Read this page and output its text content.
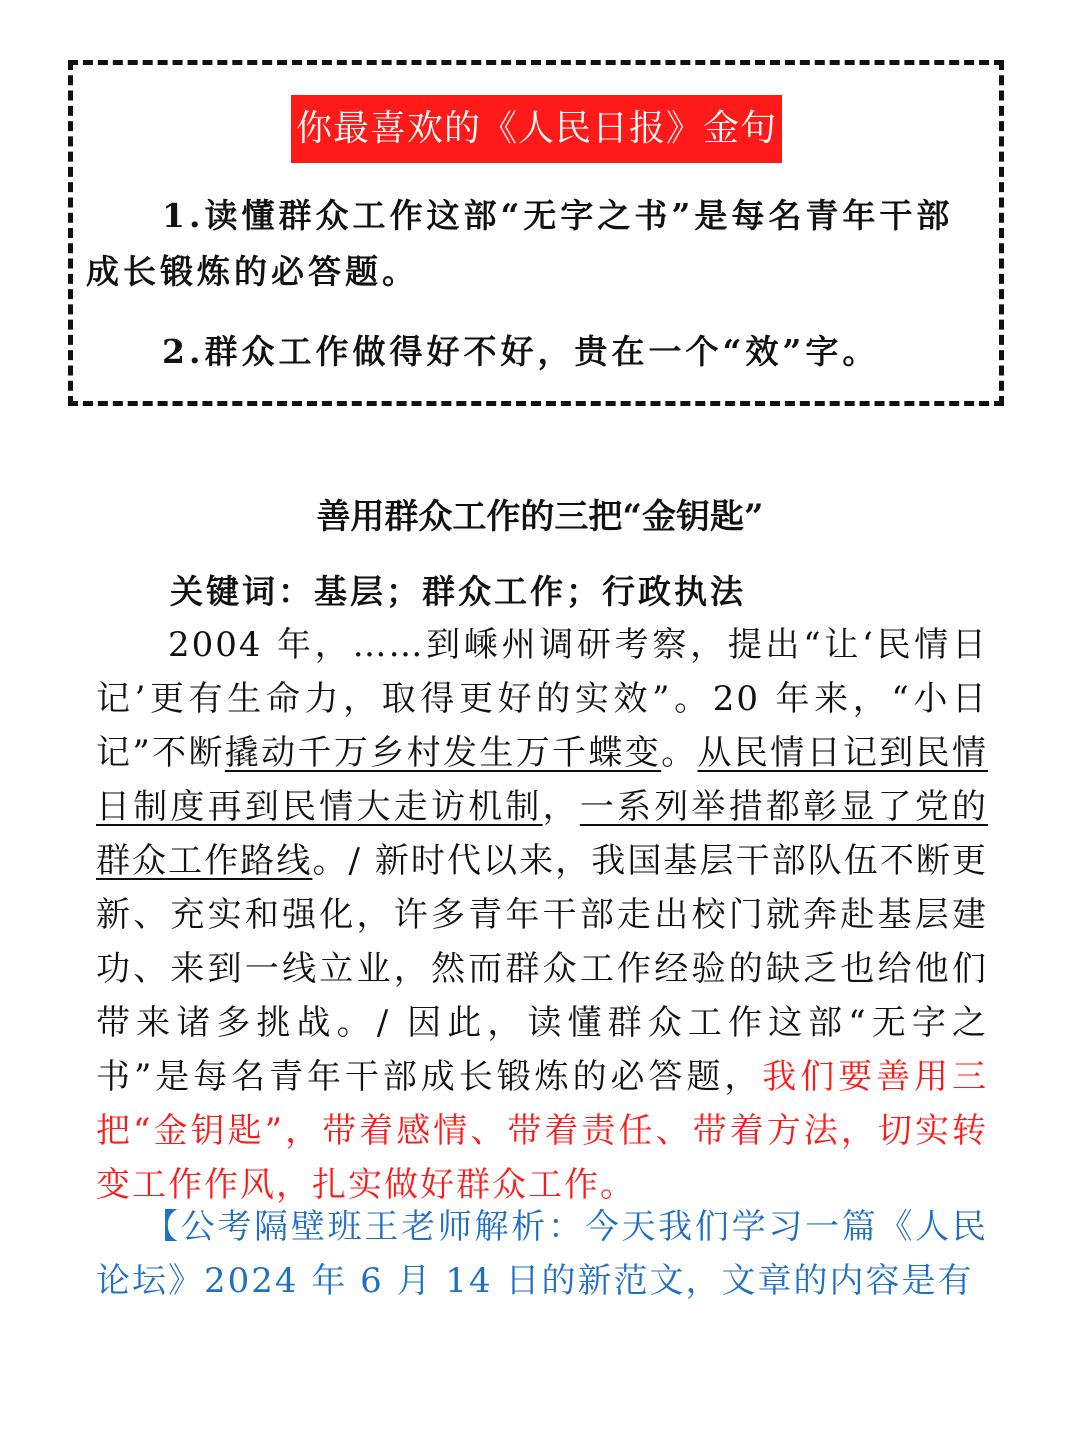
你最喜欢的《人民日报》金句
1.读懂群众工作这部“无字之书”是每名青年干部成长锻炼的必答题。
2.群众工作做得好不好，贵在一个“效”字。
善用群众工作的三把“金钥匙”
关键词：基层；群众工作；行政执法
2004 年，……到嵊州调研考察，提出“让‘民情日记’更有生命力，取得更好的实效”。20 年来，“小日记”不断撬动千万乡村发生万千蝶变。从民情日记到民情日制度再到民情大走访机制，一系列举措都彰显了党的群众工作路线。/ 新时代以来，我国基层干部队伍不断更新、充实和强化，许多青年干部走出校门就奔赴基层建功、来到一线立业，然而群众工作经验的缺乏也给他们带来诸多挑战。/ 因此，读懂群众工作这部“无字之书”是每名青年干部成长锻炼的必答题，我们要善用三把“金钥匙”，带着感情、带着责任、带着方法，切实转变工作作风，扎实做好群众工作。
【公考隔壁班王老师解析：今天我们学习一篇《人民论坛》2024 年 6 月 14 日的新范文，文章的内容是有
